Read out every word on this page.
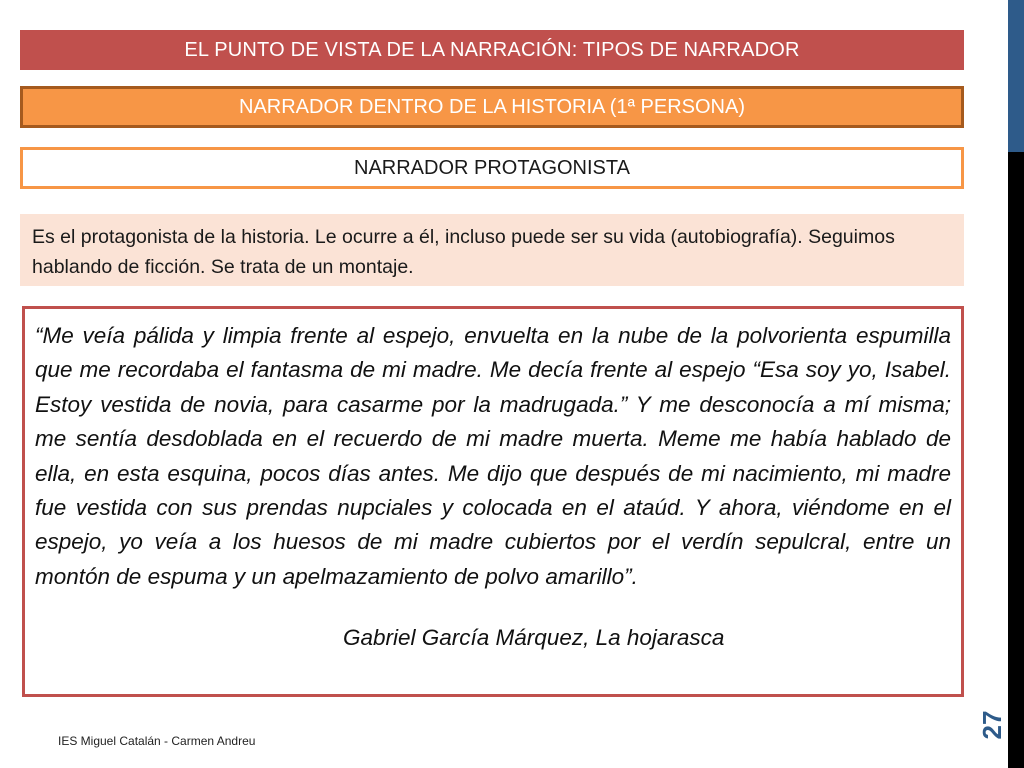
27
EL PUNTO DE VISTA DE LA NARRACIÓN: TIPOS DE NARRADOR
NARRADOR DENTRO DE LA HISTORIA (1ª PERSONA)
NARRADOR PROTAGONISTA
Es el protagonista de la historia. Le ocurre a él, incluso puede ser su vida (autobiografía). Seguimos hablando de ficción. Se trata de un montaje.

“Me veía pálida y limpia frente al espejo, envuelta en la nube de la polvorienta espumilla que me recordaba el fantasma de mi madre. Me decía frente al espejo “Esa soy yo, Isabel. Estoy vestida de novia, para casarme por la madrugada.” Y me desconocía a mí misma; me sentía desdoblada en el recuerdo de mi madre muerta. Meme me había hablado de ella, en esta esquina, pocos días antes. Me dijo que después de mi nacimiento, mi madre fue vestida con sus prendas nupciales y colocada en el ataúd. Y ahora, viéndome en el espejo, yo veía a los huesos de mi madre cubiertos por el verdín sepulcral, entre un montón de espuma y un apelmazamiento de polvo amarillo”.

Gabriel García Márquez, La hojarasca
IES Miguel Catalán - Carmen Andreu
